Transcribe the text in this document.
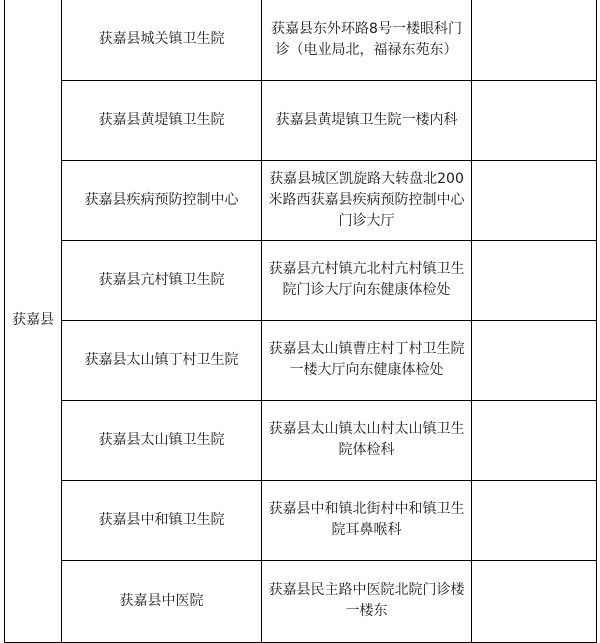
获嘉县	获嘉县城关镇卫生院	获嘉县东外环路8号一楼眼科门诊（电业局北，福禄东苑东）	
	获嘉县黄堤镇卫生院	获嘉县黄堤镇卫生院一楼内科	
	获嘉县疾病预防控制中心	获嘉县城区凯旋路大转盘北200米路西获嘉县疾病预防控制中心门诊大厅	
	获嘉县亢村镇卫生院	获嘉县亢村镇亢北村亢村镇卫生院门诊大厅向东健康体检处	
	获嘉县太山镇丁村卫生院	获嘉县太山镇曹庄村丁村卫生院一楼大厅向东健康体检处	
	获嘉县太山镇卫生院	获嘉县太山镇太山村太山镇卫生院体检科	
	获嘉县中和镇卫生院	获嘉县中和镇北街村中和镇卫生院耳鼻喉科	
	获嘉县中医院	获嘉县民主路中医院北院门诊楼一楼东	
